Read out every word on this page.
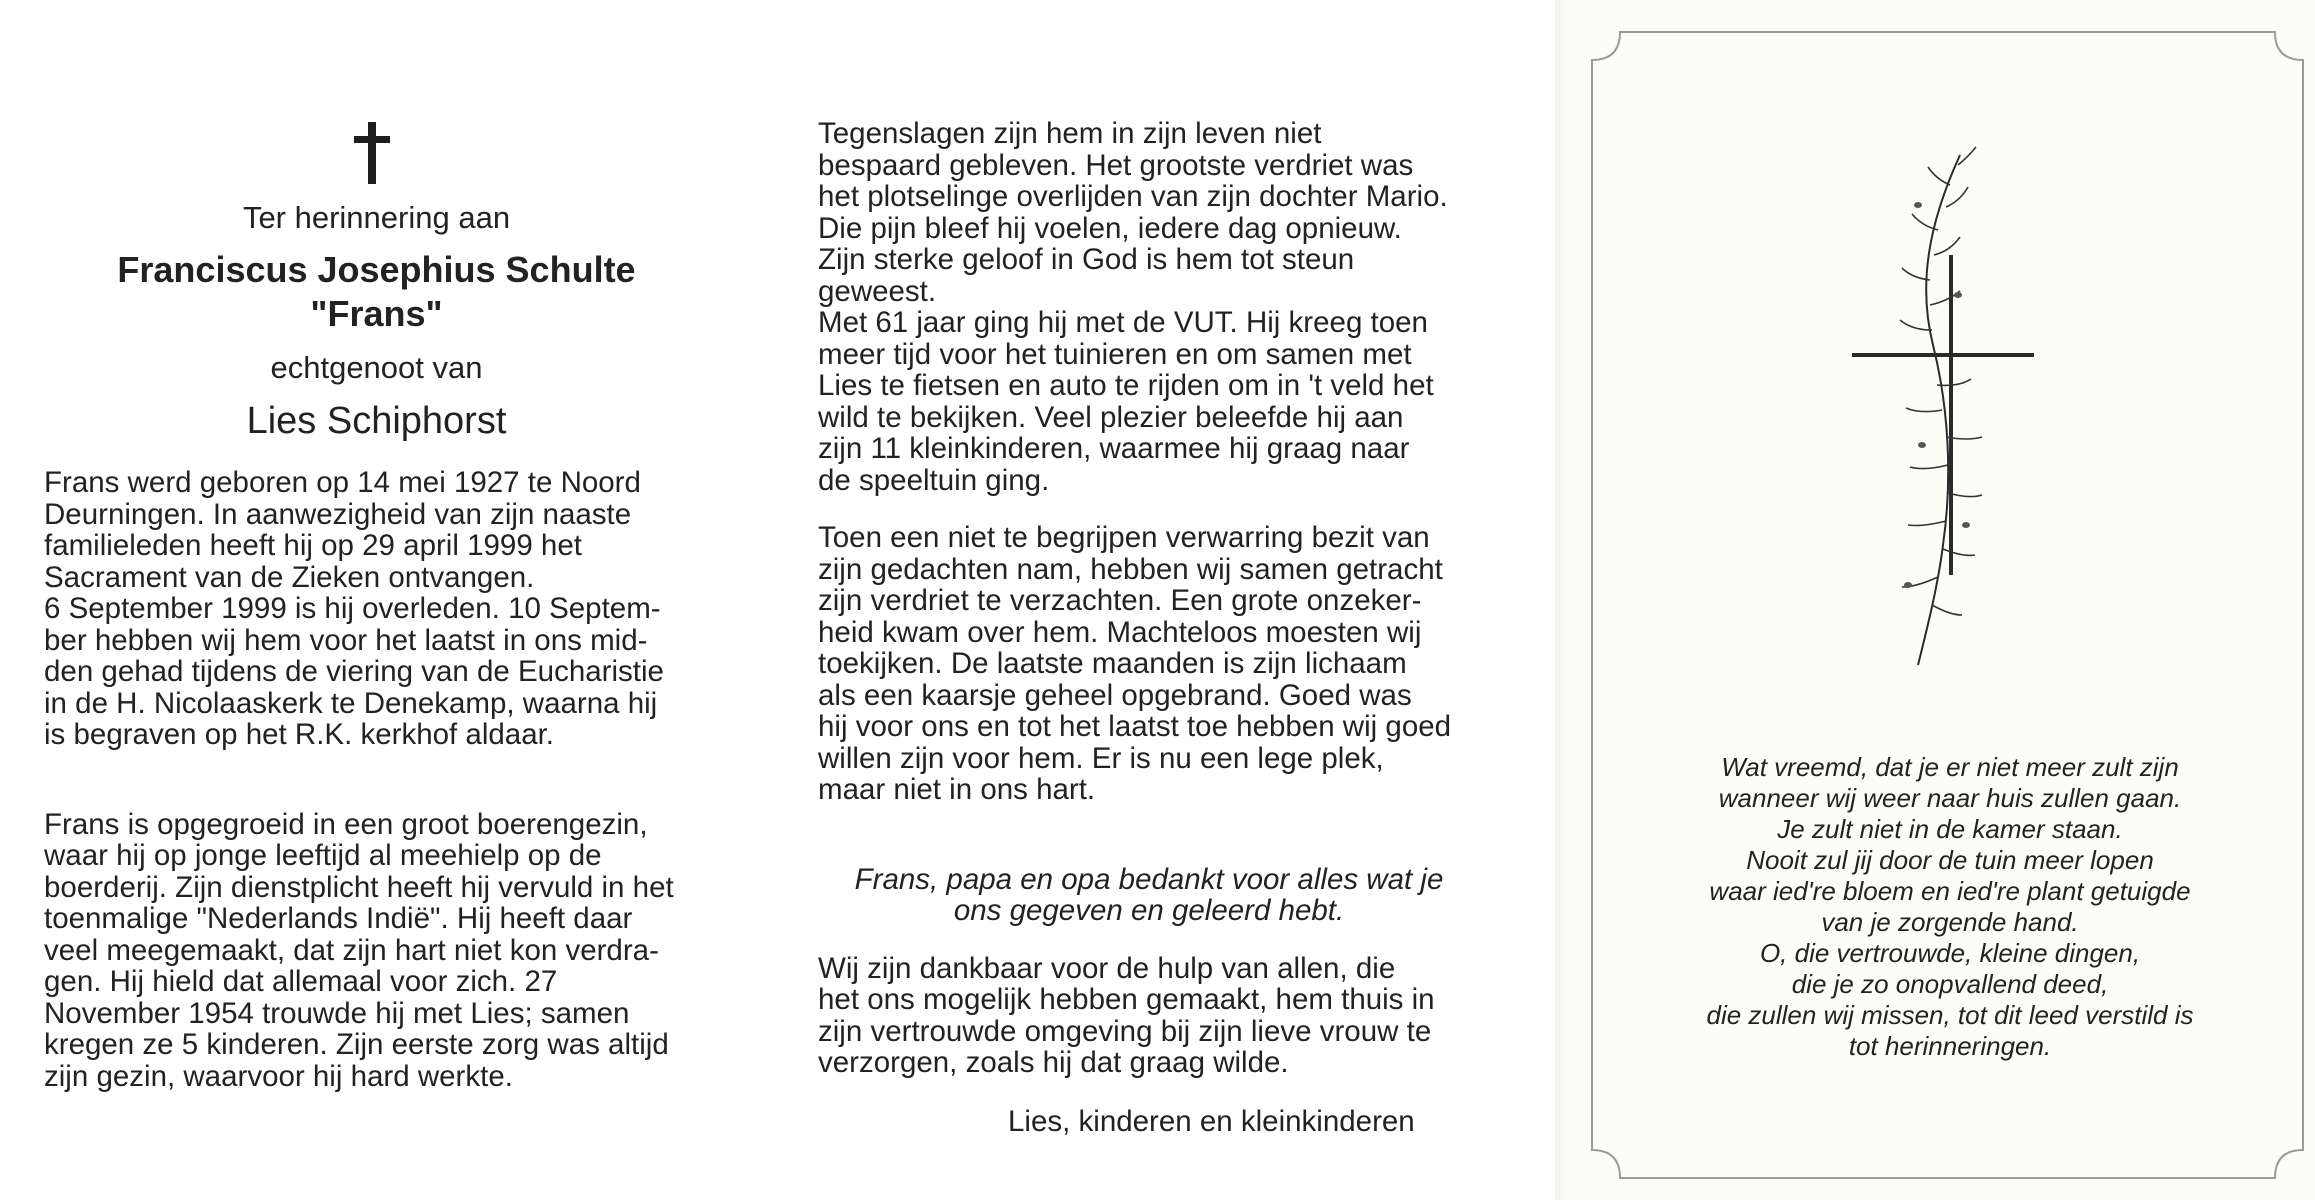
Ter herinnering aan
Franciscus Josephius Schulte
"Frans"
echtgenoot van
Lies Schiphorst

Frans werd geboren op 14 mei 1927 te Noord

Deurningen. In aanwezigheid van zijn naaste

familieleden heeft hij op 29 april 1999 het

Sacrament van de Zieken ontvangen.

6 September 1999 is hij overleden. 10 Septem-

ber hebben wij hem voor het laatst in ons mid-

den gehad tijdens de viering van de Eucharistie

in de H. Nicolaaskerk te Denekamp, waarna hij

is begraven op het R.K. kerkhof aldaar.

Frans is opgegroeid in een groot boerengezin,

waar hij op jonge leeftijd al meehielp op de

boerderij. Zijn dienstplicht heeft hij vervuld in het

toenmalige "Nederlands Indië". Hij heeft daar

veel meegemaakt, dat zijn hart niet kon verdra-

gen. Hij hield dat allemaal voor zich. 27

November 1954 trouwde hij met Lies; samen

kregen ze 5 kinderen. Zijn eerste zorg was altijd

zijn gezin, waarvoor hij hard werkte.

Tegenslagen zijn hem in zijn leven niet

bespaard gebleven. Het grootste verdriet was

het plotselinge overlijden van zijn dochter Mario.

Die pijn bleef hij voelen, iedere dag opnieuw.

Zijn sterke geloof in God is hem tot steun

geweest.

Met 61 jaar ging hij met de VUT. Hij kreeg toen

meer tijd voor het tuinieren en om samen met

Lies te fietsen en auto te rijden om in 't veld het

wild te bekijken. Veel plezier beleefde hij aan

zijn 11 kleinkinderen, waarmee hij graag naar

de speeltuin ging.

Toen een niet te begrijpen verwarring bezit van

zijn gedachten nam, hebben wij samen getracht

zijn verdriet te verzachten. Een grote onzeker-

heid kwam over hem. Machteloos moesten wij

toekijken. De laatste maanden is zijn lichaam

als een kaarsje geheel opgebrand. Goed was

hij voor ons en tot het laatst toe hebben wij goed

willen zijn voor hem. Er is nu een lege plek,

maar niet in ons hart.

Frans, papa en opa bedankt voor alles wat je
ons gegeven en geleerd hebt.

Wij zijn dankbaar voor de hulp van allen, die

het ons mogelijk hebben gemaakt, hem thuis in

zijn vertrouwde omgeving bij zijn lieve vrouw te

verzorgen, zoals hij dat graag wilde.

Lies, kinderen en kleinkinderen
Wat vreemd, dat je er niet meer zult zijn
wanneer wij weer naar huis zullen gaan.
Je zult niet in de kamer staan.
Nooit zul jij door de tuin meer lopen
waar ied're bloem en ied're plant getuigde
van je zorgende hand.
O, die vertrouwde, kleine dingen,
die je zo onopvallend deed,
die zullen wij missen, tot dit leed verstild is
tot herinneringen.
